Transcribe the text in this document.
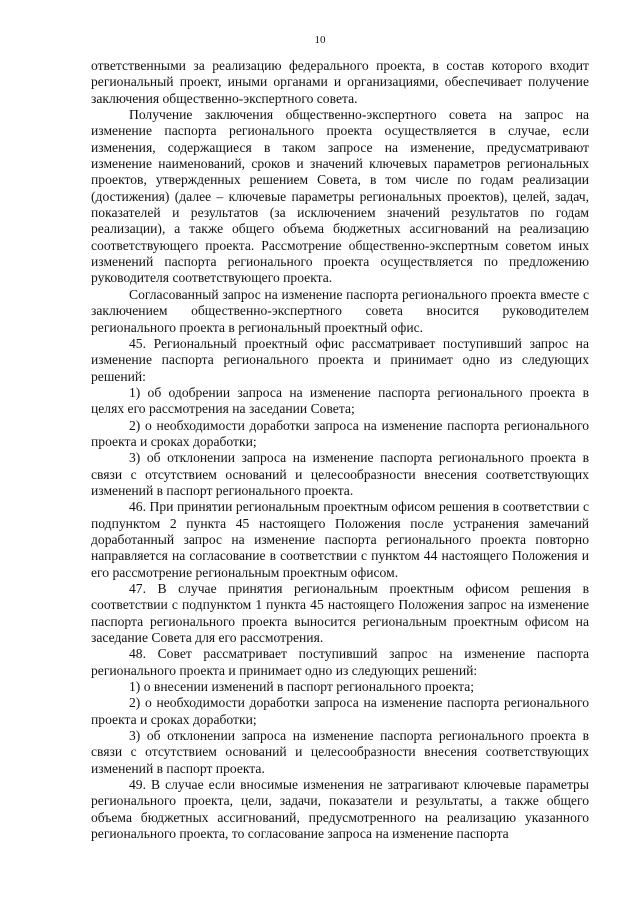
10

ответственными за реализацию федерального проекта, в состав которого входит региональный проект, иными органами и организациями, обеспечивает получение заключения общественно-экспертного совета.

Получение заключения общественно-экспертного совета на запрос на изменение паспорта регионального проекта осуществляется в случае, если изменения, содержащиеся в таком запросе на изменение, предусматривают изменение наименований, сроков и значений ключевых параметров региональных проектов, утвержденных решением Совета, в том числе по годам реализации (достижения) (далее – ключевые параметры региональных проектов), целей, задач, показателей и результатов (за исключением значений результатов по годам реализации), а также общего объема бюджетных ассигнований на реализацию соответствующего проекта. Рассмотрение общественно-экспертным советом иных изменений паспорта регионального проекта осуществляется по предложению руководителя соответствующего проекта.

Согласованный запрос на изменение паспорта регионального проекта вместе с заключением общественно-экспертного совета вносится руководителем регионального проекта в региональный проектный офис.

45. Региональный проектный офис рассматривает поступивший запрос на изменение паспорта регионального проекта и принимает одно из следующих решений:

1) об одобрении запроса на изменение паспорта регионального проекта в целях его рассмотрения на заседании Совета;

2) о необходимости доработки запроса на изменение паспорта регионального проекта и сроках доработки;

3) об отклонении запроса на изменение паспорта регионального проекта в связи с отсутствием оснований и целесообразности внесения соответствующих изменений в паспорт регионального проекта.

46. При принятии региональным проектным офисом решения в соответствии с подпунктом 2 пункта 45 настоящего Положения после устранения замечаний доработанный запрос на изменение паспорта регионального проекта повторно направляется на согласование в соответствии с пунктом 44 настоящего Положения и его рассмотрение региональным проектным офисом.

47. В случае принятия региональным проектным офисом решения в соответствии с подпунктом 1 пункта 45 настоящего Положения запрос на изменение паспорта регионального проекта выносится региональным проектным офисом на заседание Совета для его рассмотрения.

48. Совет рассматривает поступивший запрос на изменение паспорта регионального проекта и принимает одно из следующих решений:

1) о внесении изменений в паспорт регионального проекта;

2) о необходимости доработки запроса на изменение паспорта регионального проекта и сроках доработки;

3) об отклонении запроса на изменение паспорта регионального проекта в связи с отсутствием оснований и целесообразности внесения соответствующих изменений в паспорт проекта.

49. В случае если вносимые изменения не затрагивают ключевые параметры регионального проекта, цели, задачи, показатели и результаты, а также общего объема бюджетных ассигнований, предусмотренного на реализацию указанного регионального проекта, то согласование запроса на изменение паспорта
